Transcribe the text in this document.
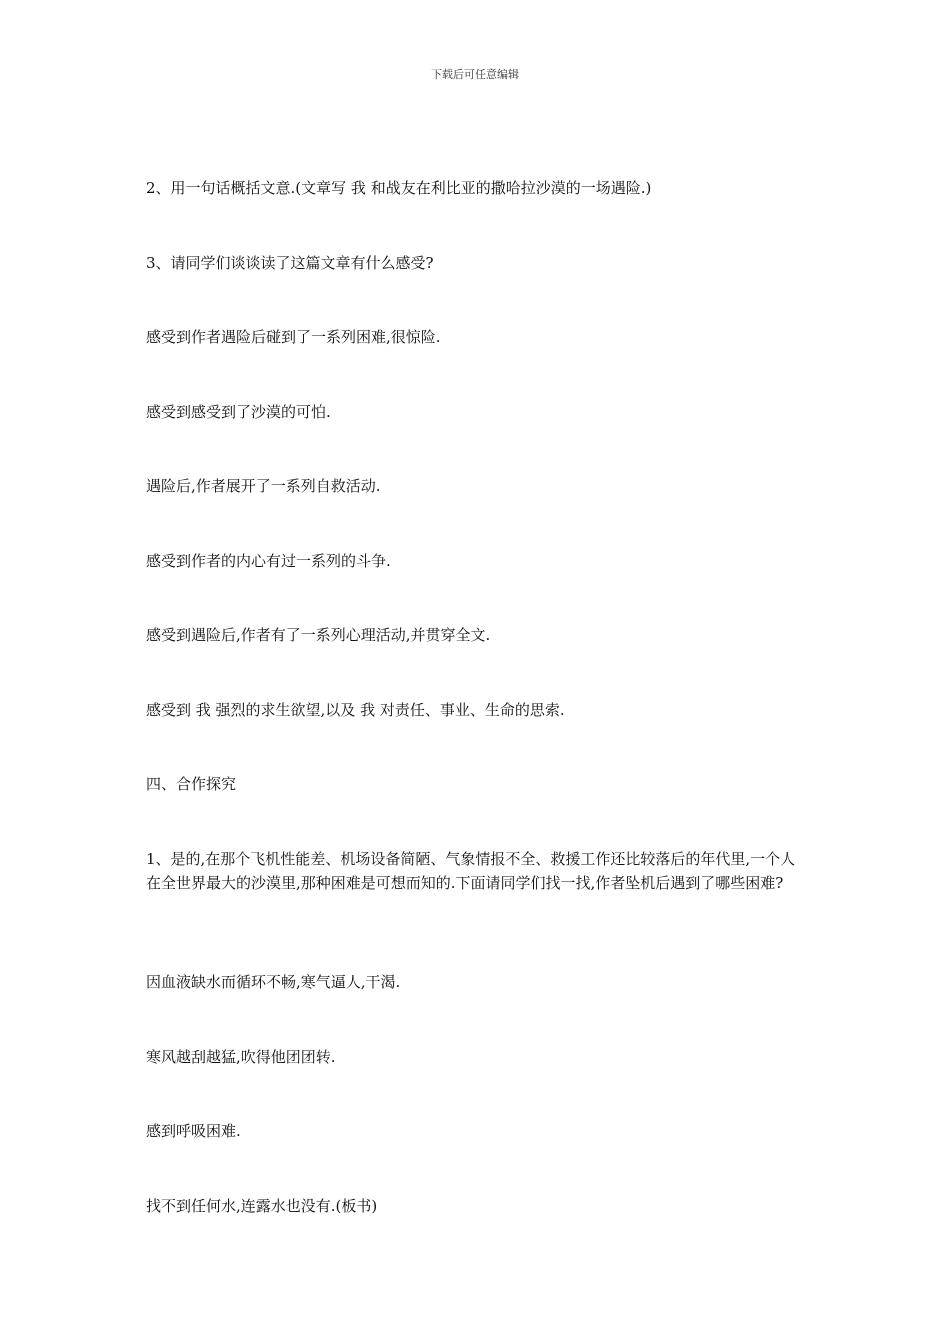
下载后可任意编辑
2、用一句话概括文意.(文章写 我 和战友在利比亚的撒哈拉沙漠的一场遇险.)
3、请同学们谈谈读了这篇文章有什么感受?
感受到作者遇险后碰到了一系列困难,很惊险.
感受到感受到了沙漠的可怕.
遇险后,作者展开了一系列自救活动.
感受到作者的内心有过一系列的斗争.
感受到遇险后,作者有了一系列心理活动,并贯穿全文.
感受到 我 强烈的求生欲望,以及 我 对责任、事业、生命的思索.
四、合作探究
1、是的,在那个飞机性能差、机场设备简陋、气象情报不全、救援工作还比较落后的年代里,一个人在全世界最大的沙漠里,那种困难是可想而知的.下面请同学们找一找,作者坠机后遇到了哪些困难?
因血液缺水而循环不畅,寒气逼人,干渴.
寒风越刮越猛,吹得他团团转.
感到呼吸困难.
找不到任何水,连露水也没有.(板书)
